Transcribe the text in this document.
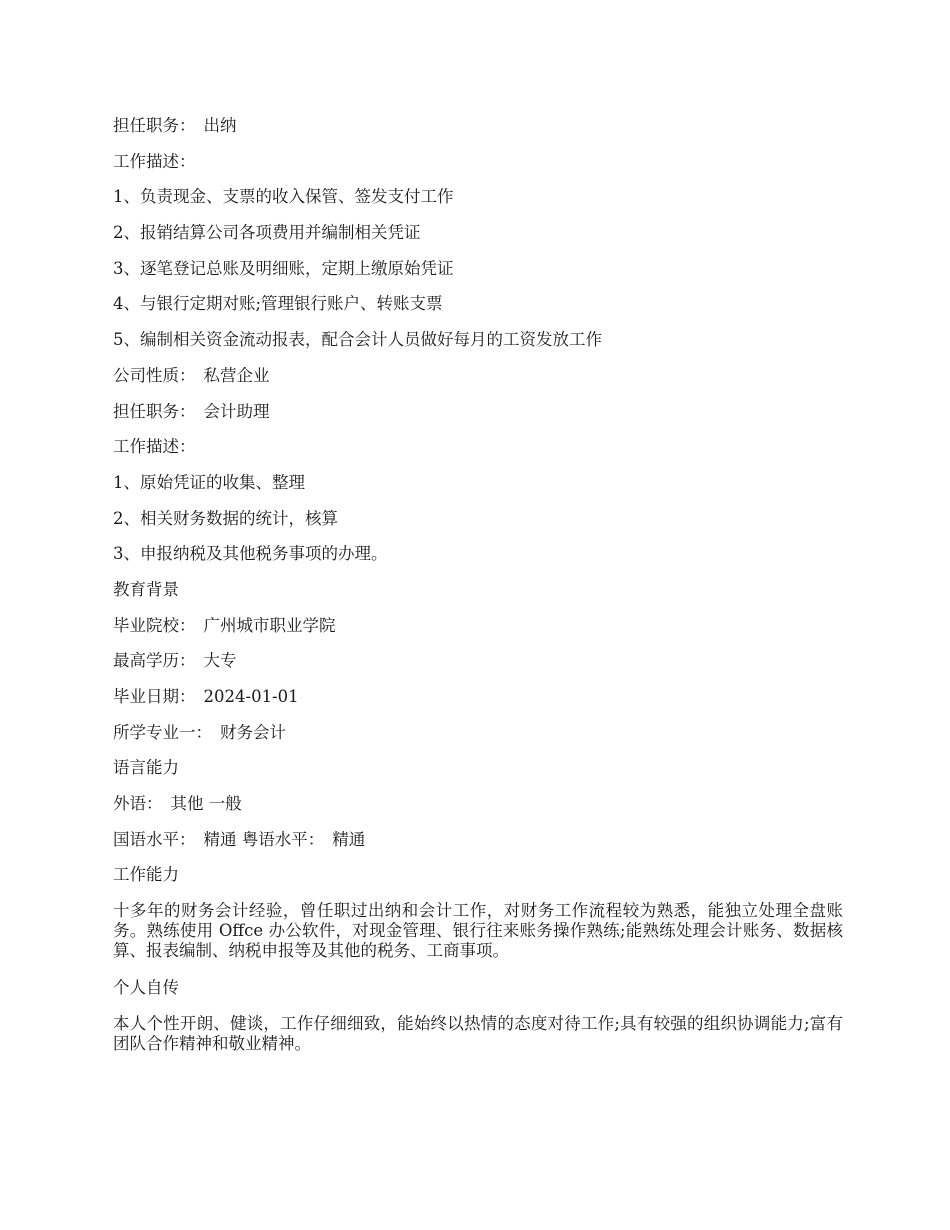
担任职务： 出纳

工作描述：

1、负责现金、支票的收入保管、签发支付工作

2、报销结算公司各项费用并编制相关凭证

3、逐笔登记总账及明细账，定期上缴原始凭证

4、与银行定期对账;管理银行账户、转账支票

5、编制相关资金流动报表，配合会计人员做好每月的工资发放工作

公司性质： 私营企业

担任职务： 会计助理

工作描述：

1、原始凭证的收集、整理

2、相关财务数据的统计，核算

3、申报纳税及其他税务事项的办理。

教育背景

毕业院校： 广州城市职业学院

最高学历： 大专

毕业日期： 2024-01-01

所学专业一： 财务会计

语言能力

外语： 其他 一般

国语水平： 精通 粤语水平： 精通

工作能力

十多年的财务会计经验，曾任职过出纳和会计工作，对财务工作流程较为熟悉，能独立处理全盘账务。熟练使用 Offce 办公软件，对现金管理、银行往来账务操作熟练;能熟练处理会计账务、数据核算、报表编制、纳税申报等及其他的税务、工商事项。

个人自传

本人个性开朗、健谈，工作仔细细致，能始终以热情的态度对待工作;具有较强的组织协调能力;富有团队合作精神和敬业精神。
